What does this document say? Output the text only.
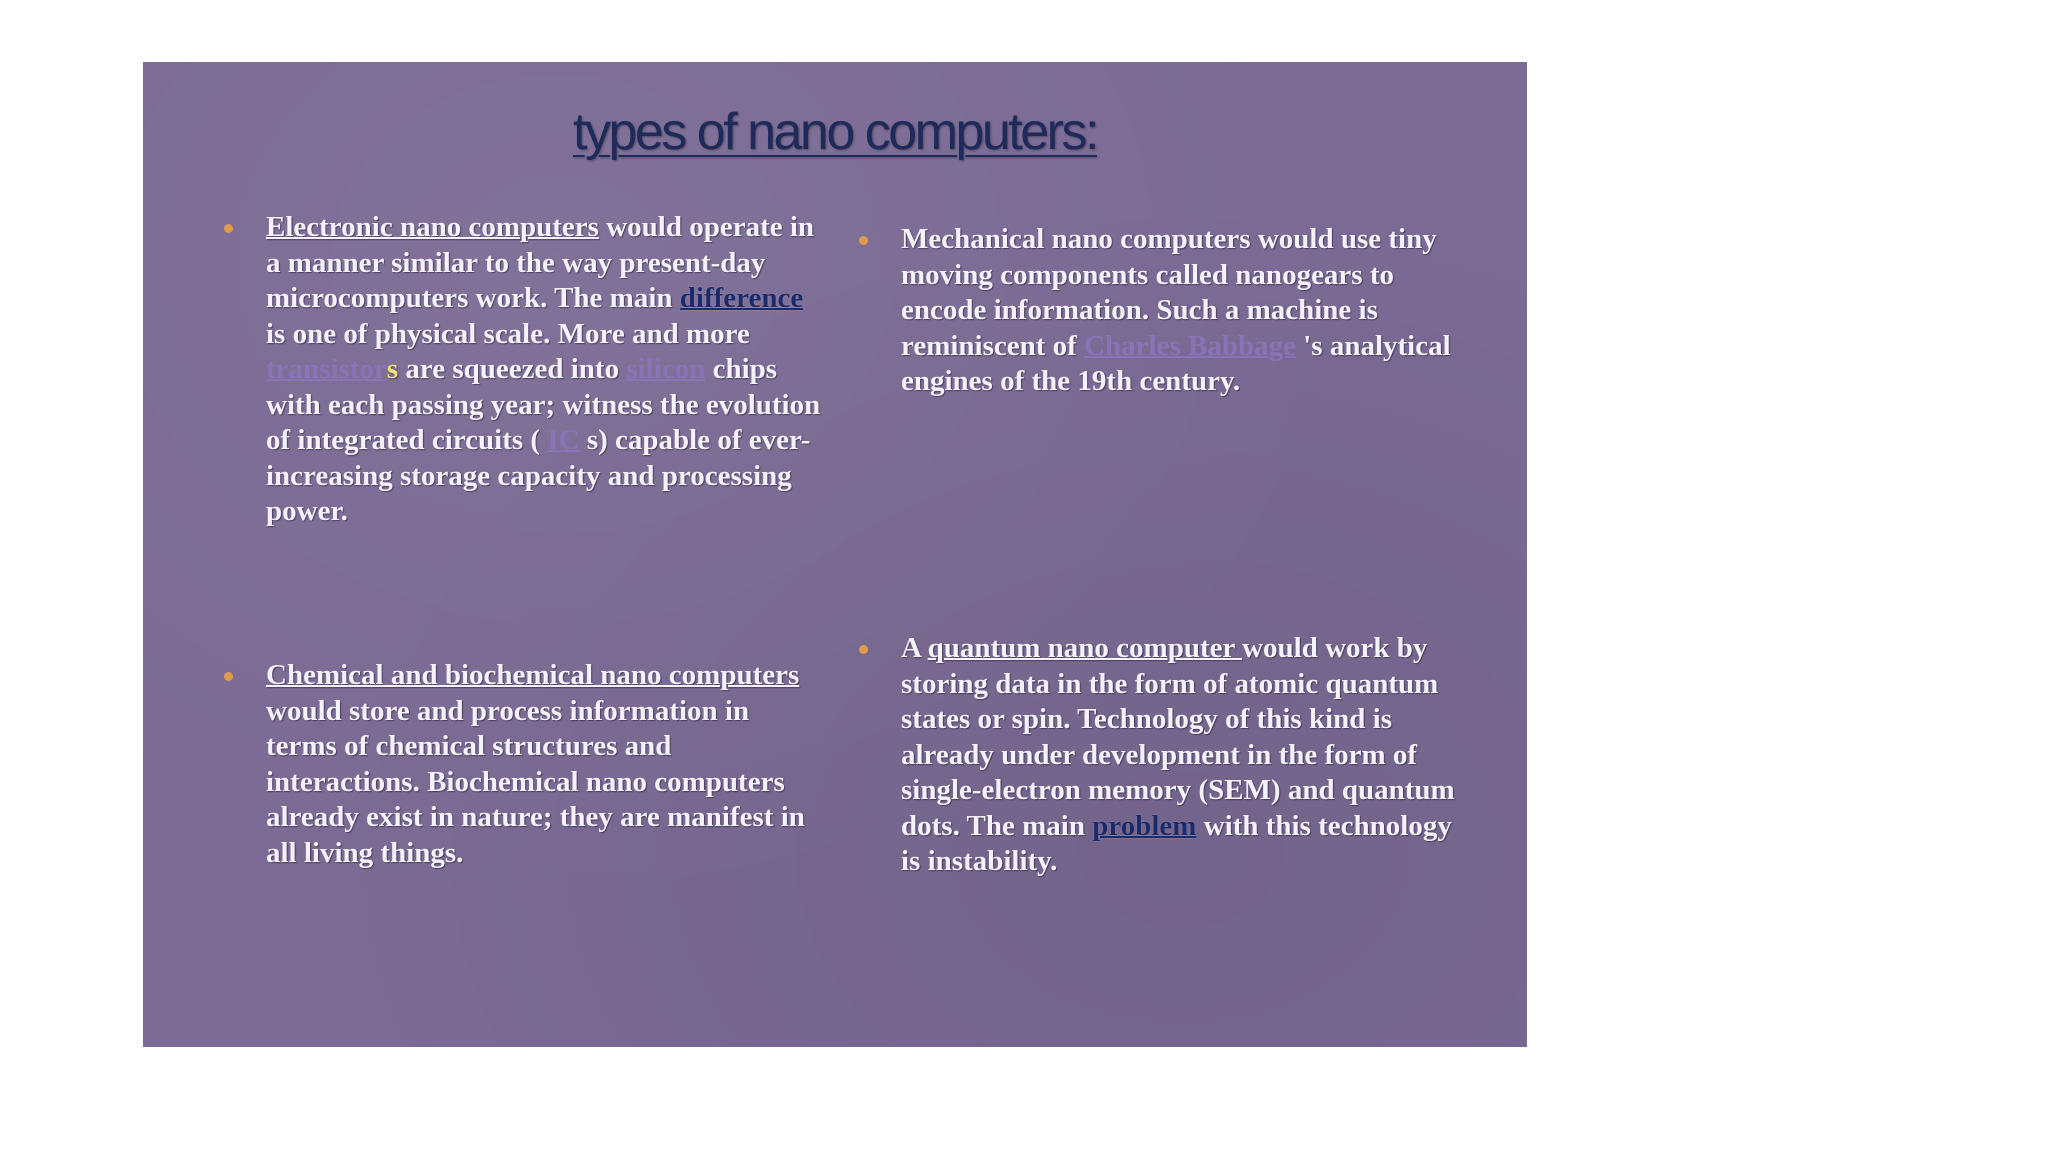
types of nano computers:
Electronic nano computers would operate in a manner similar to the way present-day microcomputers work. The main difference is one of physical scale. More and more transistors are squeezed into silicon chips with each passing year; witness the evolution of integrated circuits ( IC s) capable of ever-increasing storage capacity and processing power.
Mechanical nano computers would use tiny moving components called nanogears to encode information. Such a machine is reminiscent of Charles Babbage 's analytical engines of the 19th century.
Chemical and biochemical nano computers would store and process information in terms of chemical structures and interactions. Biochemical nano computers already exist in nature; they are manifest in all living things.
A quantum nano computer would work by storing data in the form of atomic quantum states or spin. Technology of this kind is already under development in the form of single-electron memory (SEM) and quantum dots. The main problem with this technology is instability.
